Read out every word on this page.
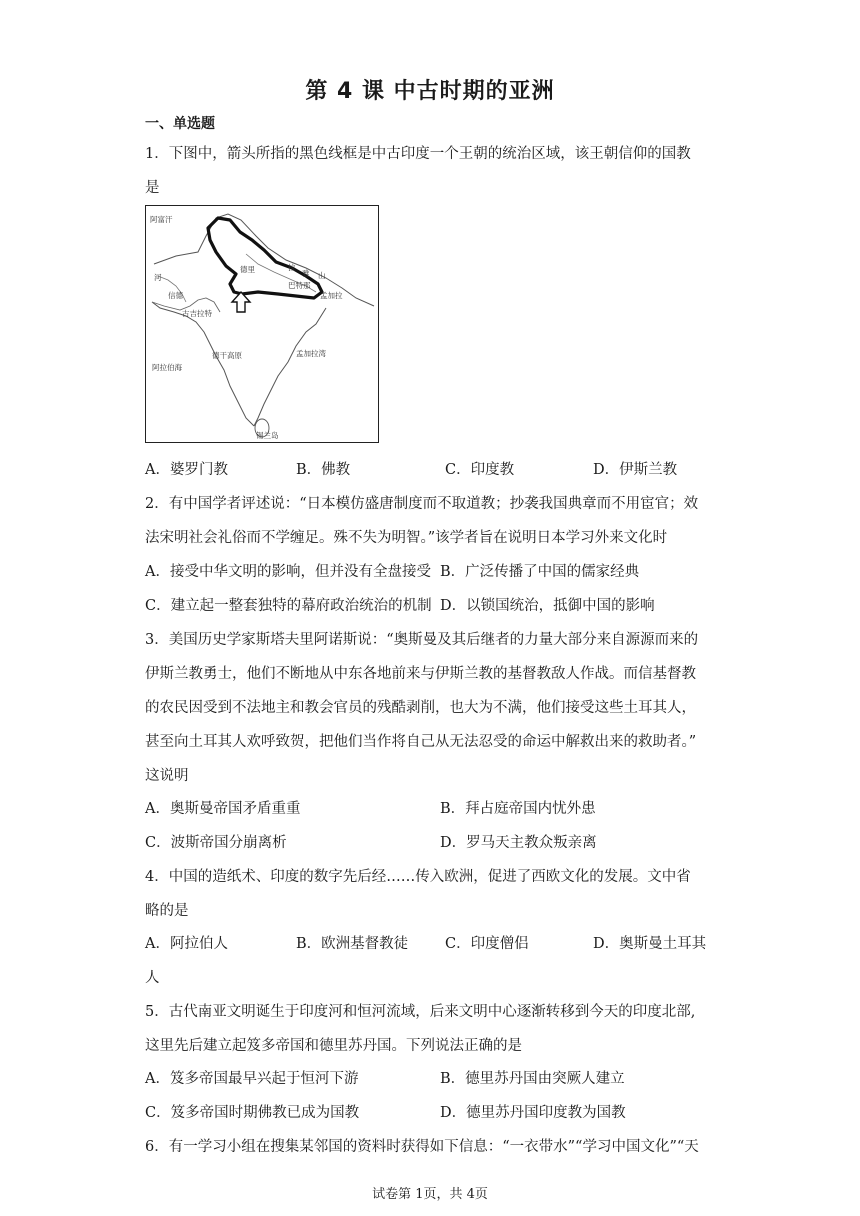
第 4 课 中古时期的亚洲
一、单选题
1．下图中，箭头所指的黑色线框是中古印度一个王朝的统治区域，该王朝信仰的国教
是
阿富汗
德里	拉
雅 山
巴特那
孟加拉
信德
古吉拉特
阿拉伯海
德干高原	孟加拉湾
锡兰岛
河
A．婆罗门教	B．佛教	C．印度教	D．伊斯兰教
2．有中国学者评述说：“日本模仿盛唐制度而不取道教；抄袭我国典章而不用宦官；效
法宋明社会礼俗而不学缠足。殊不失为明智。”该学者旨在说明日本学习外来文化时
A．接受中华文明的影响，但并没有全盘接受 B．广泛传播了中国的儒家经典
C．建立起一整套独特的幕府政治统治的机制 D．以锁国统治，抵御中国的影响
3．美国历史学家斯塔夫里阿诺斯说：“奥斯曼及其后继者的力量大部分来自源源而来的
伊斯兰教勇士，他们不断地从中东各地前来与伊斯兰教的基督教敌人作战。而信基督教
的农民因受到不法地主和教会官员的残酷剥削，也大为不满，他们接受这些土耳其人，
甚至向土耳其人欢呼致贺，把他们当作将自己从无法忍受的命运中解救出来的救助者。”
这说明
A．奥斯曼帝国矛盾重重	B．拜占庭帝国内忧外患
C．波斯帝国分崩离析	D．罗马天主教众叛亲离
4．中国的造纸术、印度的数字先后经……传入欧洲，促进了西欧文化的发展。文中省
略的是
A．阿拉伯人	B．欧洲基督教徒	C．印度僧侣	D．奥斯曼土耳其
人
5．古代南亚文明诞生于印度河和恒河流域，后来文明中心逐渐转移到今天的印度北部,
这里先后建立起笈多帝国和德里苏丹国。下列说法正确的是
A．笈多帝国最早兴起于恒河下游	B．德里苏丹国由突厥人建立
C．笈多帝国时期佛教已成为国教	D．德里苏丹国印度教为国教
6．有一学习小组在搜集某邻国的资料时获得如下信息：“一衣带水”“学习中国文化”“天
试卷第 1页，共 4页
